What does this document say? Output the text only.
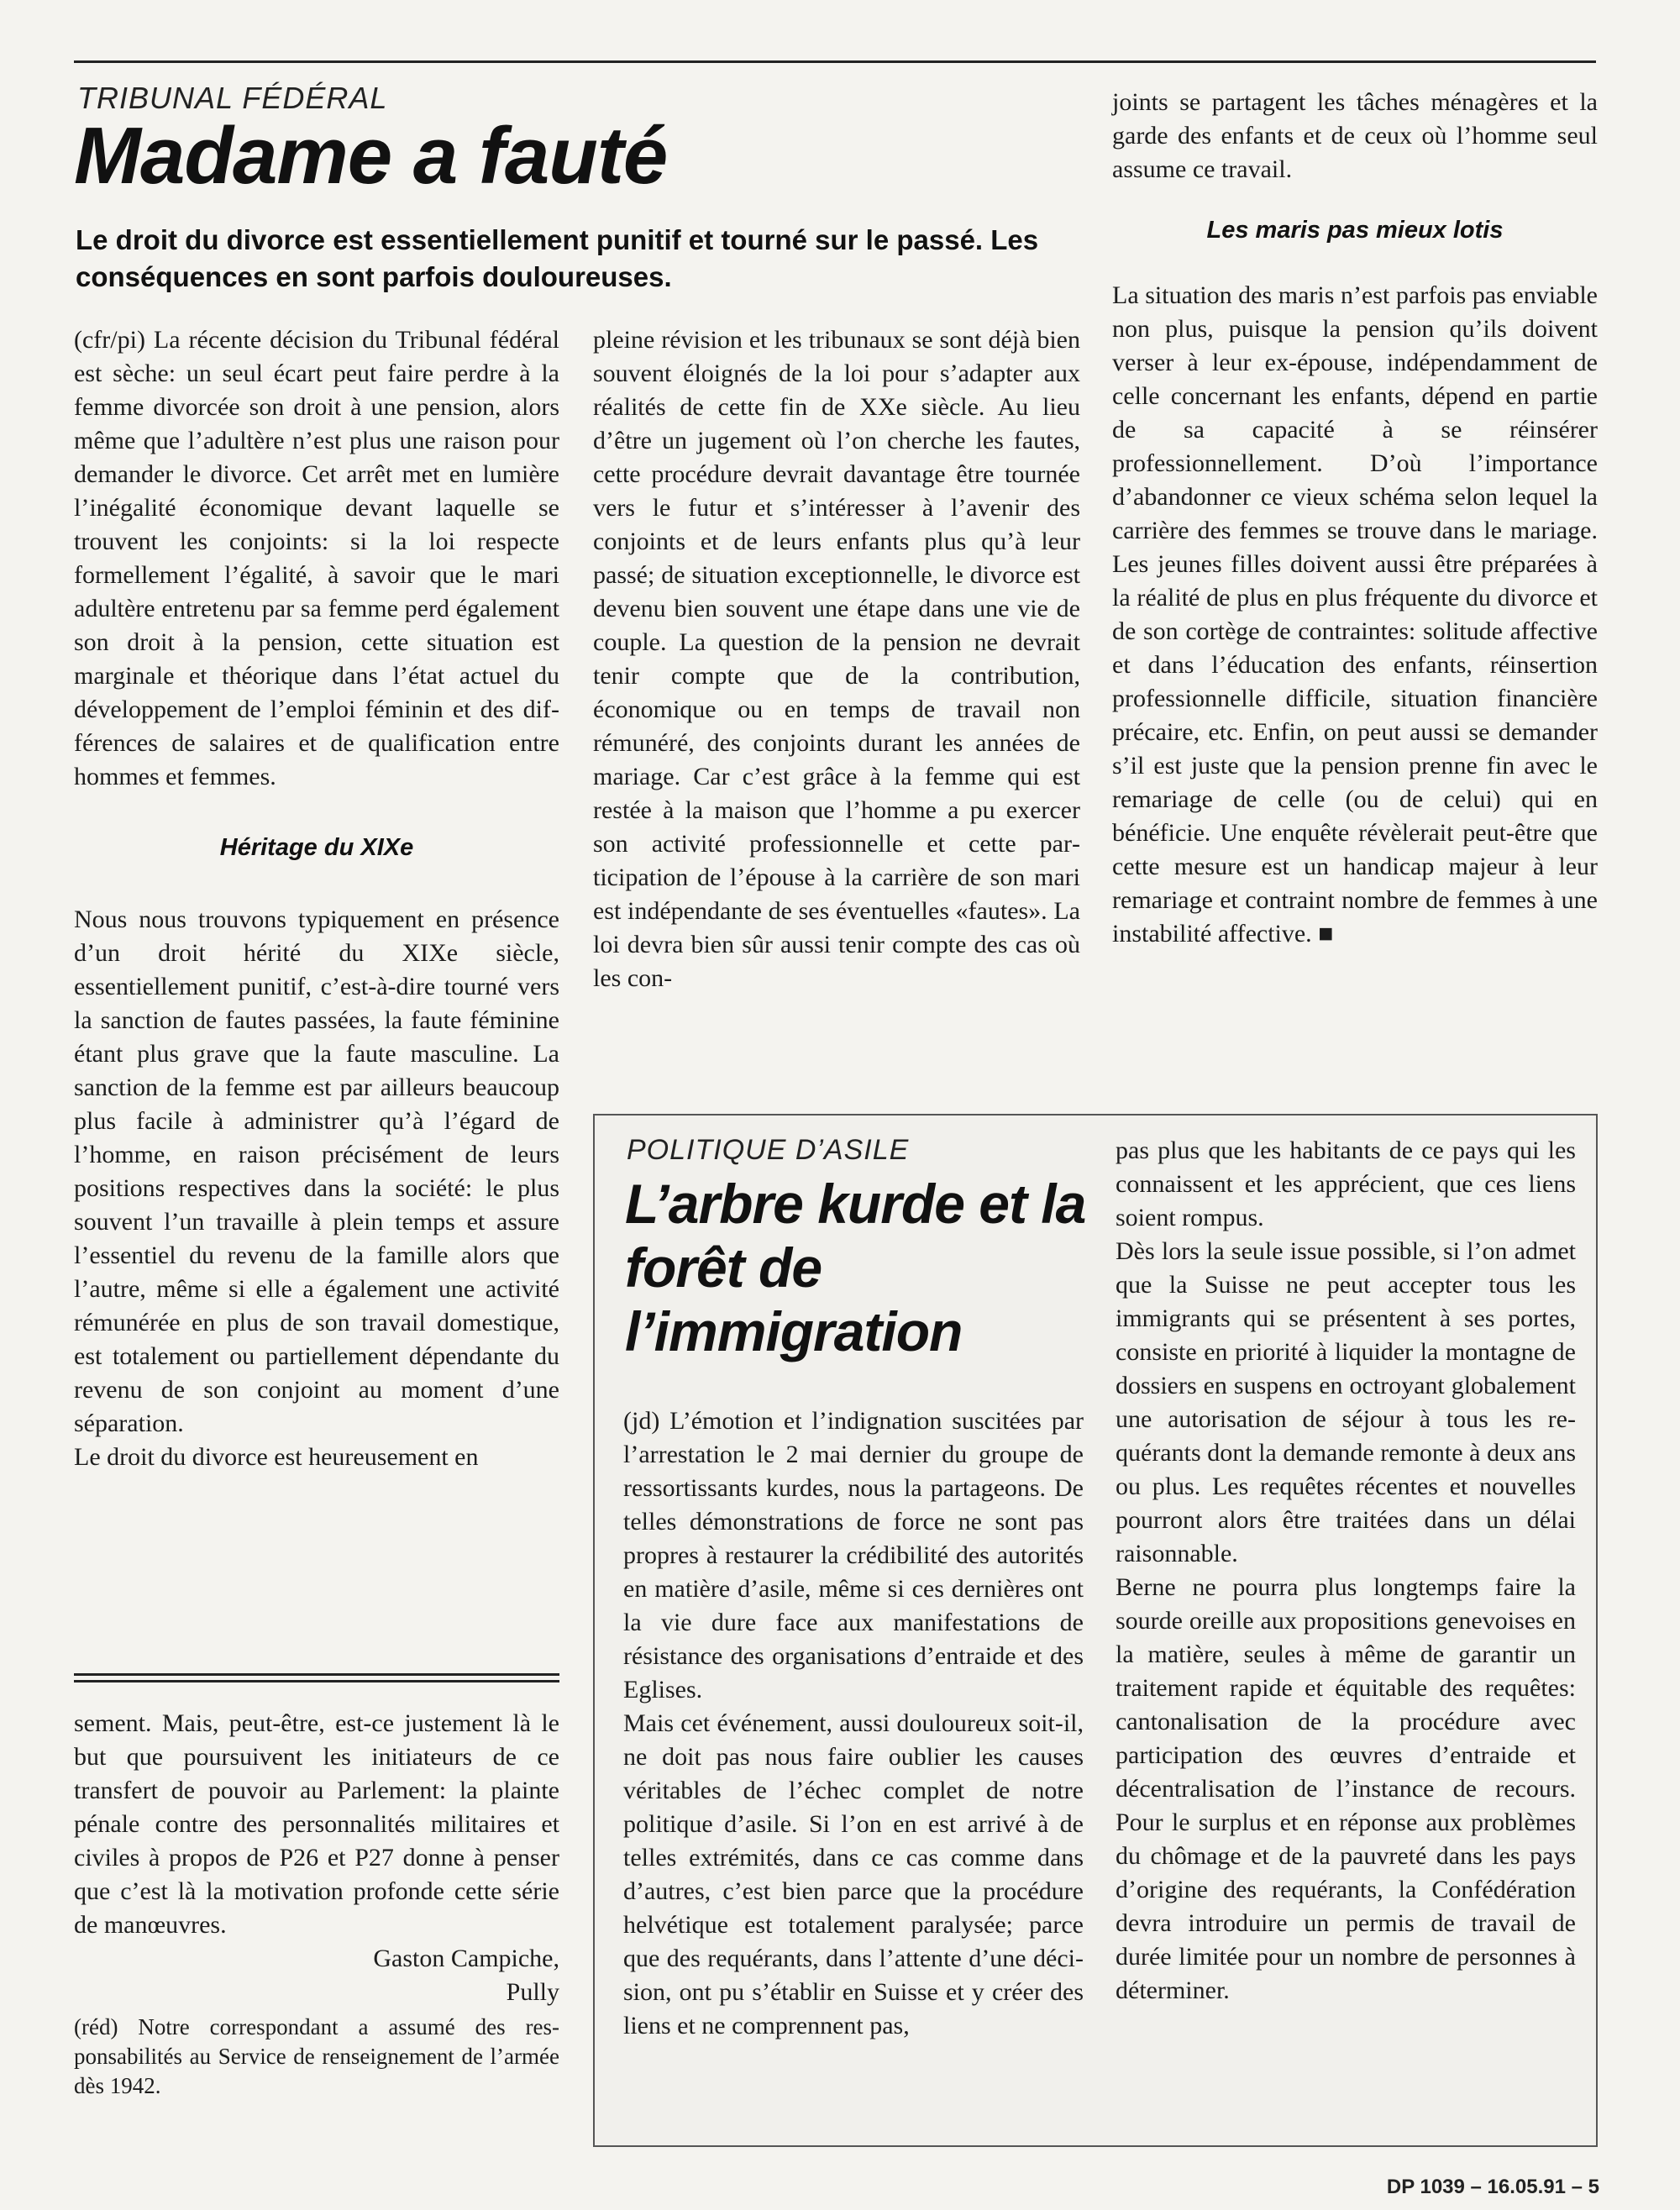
TRIBUNAL FÉDÉRAL
Madame a fauté
Le droit du divorce est essentiellement punitif et tourné sur le passé. Les
conséquences en sont parfois douloureuses.

(cfr/pi) La récente décision du Tribunal fédéral est sèche: un seul écart peut faire perdre à la femme divorcée son droit à une pension, alors même que l’adultère n’est plus une raison pour demander le divorce. Cet arrêt met en lumière l’inégalité économique devant laquelle se trouvent les conjoints: si la loi respecte formellement l’égalité, à savoir que le mari adultère entretenu par sa femme perd également son droit à la pension, cette situation est marginale et théorique dans l’état actuel du développement de l’emploi féminin et des différences de salaires et de qualification entre hommes et femmes.

Héritage du XIXe

Nous nous trouvons typiquement en présence d’un droit hérité du XIXe siècle, essentiellement punitif, c’est-à-dire tourné vers la sanction de fautes passées, la faute féminine étant plus grave que la faute masculine. La sanction de la femme est par ailleurs beaucoup plus facile à administrer qu’à l’égard de l’homme, en raison précisément de leurs positions respectives dans la société: le plus souvent l’un travaille à plein temps et assure l’essentiel du revenu de la famille alors que l’autre, même si elle a également une activité rémunérée en plus de son travail domestique, est totalement ou partiellement dépendante du revenu de son conjoint au moment d’une séparation.

Le droit du divorce est heureusement en

sement. Mais, peut-être, est-ce justement là le but que poursuivent les initiateurs de ce transfert de pouvoir au Parlement: la plainte pénale contre des personnalités militaires et civiles à propos de P26 et P27 donne à penser que c’est là la motivation profonde cette série de manœuvres.

Gaston Campiche,
Pully

(réd) Notre correspondant a assumé des responsabilités au Service de renseignement de l’armée dès 1942.

pleine révision et les tribunaux se sont déjà bien souvent éloignés de la loi pour s’adapter aux réalités de cette fin de XXe siècle. Au lieu d’être un jugement où l’on cherche les fautes, cette procédure devrait davantage être tournée vers le futur et s’intéresser à l’avenir des conjoints et de leurs enfants plus qu’à leur passé; de situation exceptionnelle, le divorce est devenu bien souvent une étape dans une vie de couple. La question de la pension ne devrait tenir compte que de la contribution, économique ou en temps de travail non rémunéré, des conjoints durant les années de mariage. Car c’est grâce à la femme qui est restée à la maison que l’homme a pu exercer son activité professionnelle et cette participation de l’épouse à la carrière de son mari est indépendante de ses éventuelles «fautes». La loi devra bien sûr aussi tenir compte des cas où les con-

joints se partagent les tâches ménagères et la garde des enfants et de ceux où l’homme seul assume ce travail.

Les maris pas mieux lotis

La situation des maris n’est parfois pas enviable non plus, puisque la pension qu’ils doivent verser à leur ex-épouse, indépendamment de celle concernant les enfants, dépend en partie de sa capacité à se réinsérer professionnellement. D’où l’importance d’abandonner ce vieux schéma selon lequel la carrière des femmes se trouve dans le mariage. Les jeunes filles doivent aussi être préparées à la réalité de plus en plus fréquente du divorce et de son cortège de contraintes: solitude affective et dans l’éducation des enfants, réinsertion professionnelle difficile, situation financière précaire, etc. Enfin, on peut aussi se demander s’il est juste que la pension prenne fin avec le remariage de celle (ou de celui) qui en bénéficie. Une enquête révèlerait peut-être que cette mesure est un handicap majeur à leur remariage et contraint nombre de femmes à une instabilité affective. ■

POLITIQUE D’ASILE
L’arbre kurde et la
forêt de
l’immigration

(jd) L’émotion et l’indignation suscitées par l’arrestation le 2 mai dernier du groupe de ressortissants kurdes, nous la partageons. De telles démonstrations de force ne sont pas propres à restaurer la crédibilité des autorités en matière d’asile, même si ces dernières ont la vie dure face aux manifestations de résistance des organisations d’entraide et des Eglises.

Mais cet événement, aussi douloureux soit-il, ne doit pas nous faire oublier les causes véritables de l’échec complet de notre politique d’asile. Si l’on en est arrivé à de telles extrémités, dans ce cas comme dans d’autres, c’est bien parce que la procédure helvétique est totalement paralysée; parce que des requérants, dans l’attente d’une décision, ont pu s’établir en Suisse et y créer des liens et ne comprennent pas,

pas plus que les habitants de ce pays qui les connaissent et les apprécient, que ces liens soient rompus.

Dès lors la seule issue possible, si l’on admet que la Suisse ne peut accepter tous les immigrants qui se présentent à ses portes, consiste en priorité à liquider la montagne de dossiers en suspens en octroyant globalement une autorisation de séjour à tous les requérants dont la demande remonte à deux ans ou plus. Les requêtes récentes et nouvelles pourront alors être traitées dans un délai raisonnable.

Berne ne pourra plus longtemps faire la sourde oreille aux propositions genevoises en la matière, seules à même de garantir un traitement rapide et équitable des requêtes: cantonalisation de la procédure avec participation des œuvres d’entraide et décentralisation de l’instance de recours. Pour le surplus et en réponse aux problèmes du chômage et de la pauvreté dans les pays d’origine des requérants, la Confédération devra introduire un permis de travail de durée limitée pour un nombre de personnes à déterminer.

DP 1039 – 16.05.91 – 5
